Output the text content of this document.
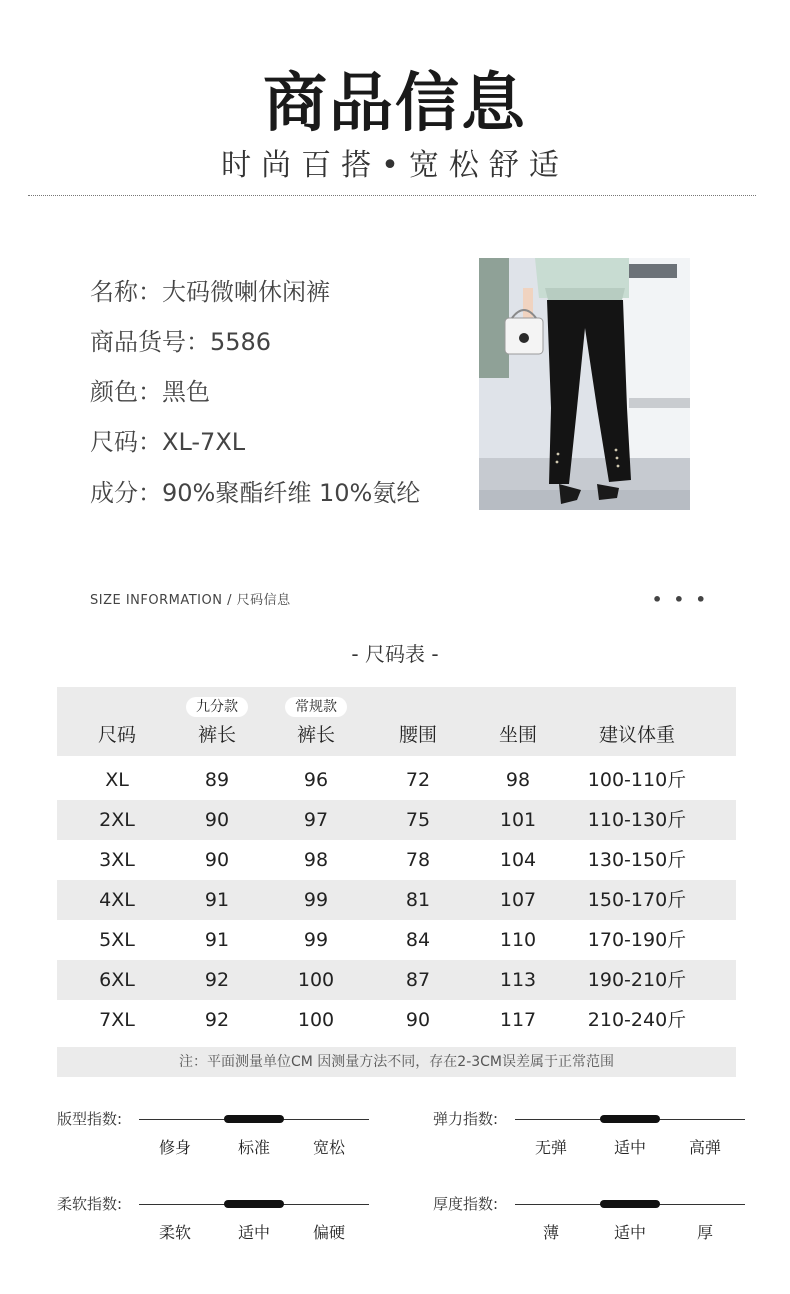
商品信息
时尚百搭•宽松舒适
名称：大码微喇休闲裤
商品货号：5586
颜色：黑色
尺码：XL-7XL
成分：90%聚酯纤维 10%氨纶
SIZE INFORMATION / 尺码信息	• • •
- 尺码表 -
九分款	常规款
尺码	裤长	裤长	腰围	坐围	建议体重
XL	89	96	72	98	100-110斤
2XL	90	97	75	101	110-130斤
3XL	90	98	78	104	130-150斤
4XL	91	99	81	107	150-170斤
5XL	91	99	84	110	170-190斤
6XL	92	100	87	113	190-210斤
7XL	92	100	90	117	210-240斤
注：平面测量单位CM 因测量方法不同，存在2-3CM误差属于正常范围
版型指数:
修身	标准	宽松
弹力指数:
无弹	适中	高弹
柔软指数:
柔软	适中	偏硬
厚度指数:
薄	适中	厚
